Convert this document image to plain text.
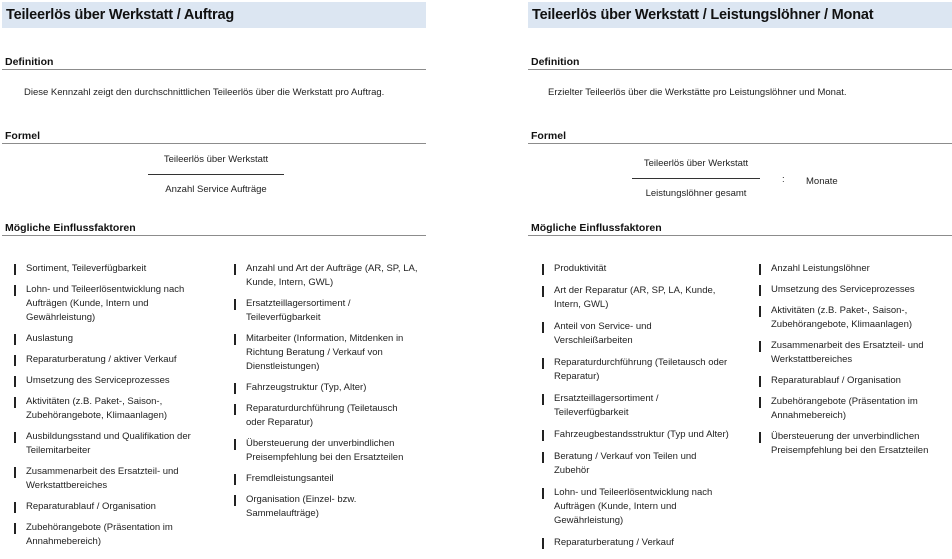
Teileerlös über Werkstatt / Auftrag
Definition
Diese Kennzahl zeigt den durchschnittlichen Teileerlös über die Werkstatt pro Auftrag.
Formel
Teileerlös über Werkstatt
Anzahl Service Aufträge
Mögliche Einflussfaktoren
Sortiment, Teileverfügbarkeit
Lohn- und Teileerlösentwicklung nach Aufträgen (Kunde, Intern und Gewährleistung)
Auslastung
Reparaturberatung / aktiver Verkauf
Umsetzung des Serviceprozesses
Aktivitäten (z.B. Paket-, Saison-, Zubehörangebote, Klimaanlagen)
Ausbildungsstand und Qualifikation der Teilemitarbeiter
Zusammenarbeit des Ersatzteil- und Werkstattbereiches
Reparaturablauf / Organisation
Zubehörangebote (Präsentation im Annahmebereich)
Anzahl und Art der Aufträge (AR, SP, LA, Kunde, Intern, GWL)
Ersatzteillagersortiment / Teileverfügbarkeit
Mitarbeiter (Information, Mitdenken in Richtung Beratung / Verkauf von Dienstleistungen)
Fahrzeugstruktur (Typ, Alter)
Reparaturdurchführung (Teiletausch oder Reparatur)
Übersteuerung der unverbindlichen Preisempfehlung bei den Ersatzteilen
Fremdleistungsanteil
Organisation (Einzel- bzw. Sammelaufträge)
Teileerlös über Werkstatt / Leistungslöhner / Monat
Definition
Erzielter Teileerlös über die Werkstätte pro Leistungslöhner und Monat.
Formel
Teileerlös über Werkstatt
Leistungslöhner gesamt
: Monate
Mögliche Einflussfaktoren
Produktivität
Art der Reparatur (AR, SP, LA, Kunde, Intern, GWL)
Anteil von Service- und Verschleißarbeiten
Reparaturdurchführung (Teiletausch oder Reparatur)
Ersatzteillagersortiment / Teileverfügbarkeit
Fahrzeugbestandsstruktur (Typ und Alter)
Beratung / Verkauf von Teilen und Zubehör
Lohn- und Teileerlösentwicklung nach Aufträgen (Kunde, Intern und Gewährleistung)
Reparaturberatung / Verkauf
Anzahl Leistungslöhner
Umsetzung des Serviceprozesses
Aktivitäten (z.B. Paket-, Saison-, Zubehörangebote, Klimaanlagen)
Zusammenarbeit des Ersatzteil- und Werkstattbereiches
Reparaturablauf / Organisation
Zubehörangebote (Präsentation im Annahmebereich)
Übersteuerung der unverbindlichen Preisempfehlung bei den Ersatzteilen
